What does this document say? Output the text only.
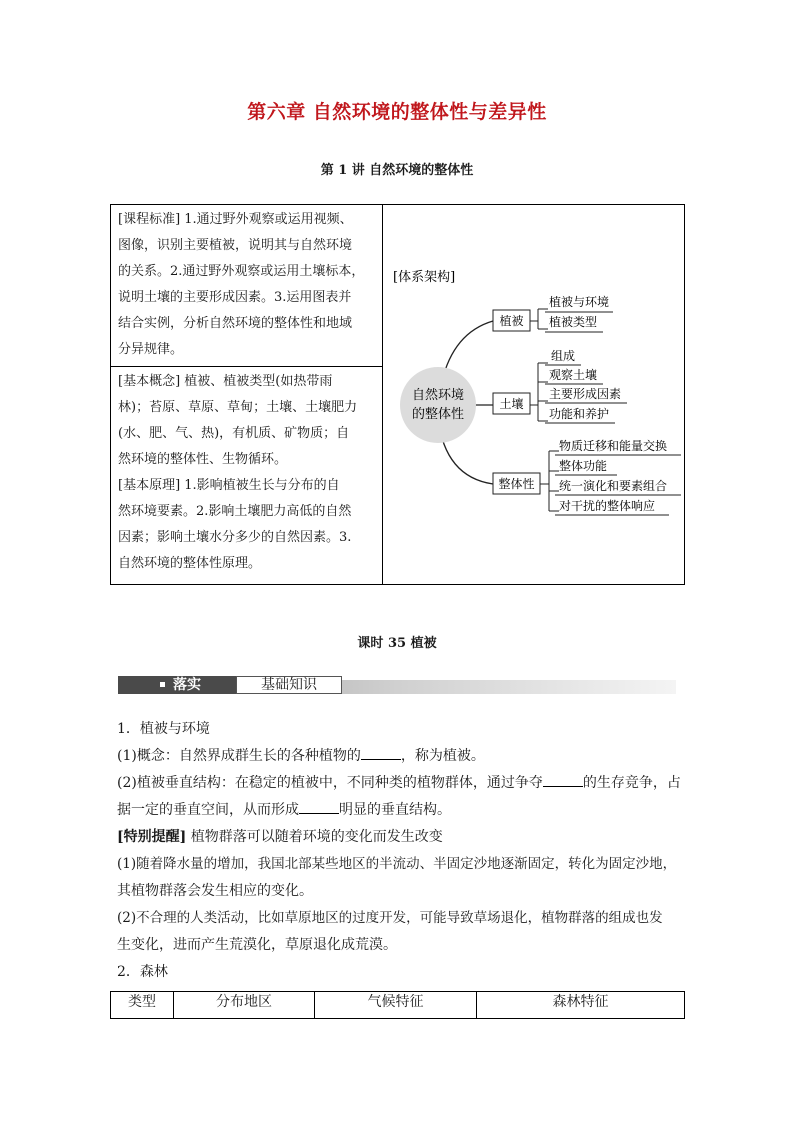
第六章 自然环境的整体性与差异性
第 1 讲 自然环境的整体性
[课程标准] 1.通过野外观察或运用视频、
图像，识别主要植被，说明其与自然环境
的关系。2.通过野外观察或运用土壤标本，
说明土壤的主要形成因素。3.运用图表并
结合实例，分析自然环境的整体性和地域
分异规律。
[基本概念] 植被、植被类型(如热带雨
林)；苔原、草原、草甸；土壤、土壤肥力
(水、肥、气、热)，有机质、矿物质；自
然环境的整体性、生物循环。
[基本原理] 1.影响植被生长与分布的自
然环境要素。2.影响土壤肥力高低的自然
因素；影响土壤水分多少的自然因素。3.
自然环境的整体性原理。
[体系架构]
自然环境
的整体性
植被
土壤
整体性
植被与环境
植被类型
组成
观察土壤
主要形成因素
功能和养护
物质迁移和能量交换
整体功能
统一演化和要素组合
对干扰的整体响应
课时 35 植被
落实	基础知识
1．植被与环境
(1)概念：自然界成群生长的各种植物的	，称为植被。
(2)植被垂直结构：在稳定的植被中，不同种类的植物群体，通过争夺	的生存竞争，占
据一定的垂直空间，从而形成	明显的垂直结构。
[特别提醒] 植物群落可以随着环境的变化而发生改变
(1)随着降水量的增加，我国北部某些地区的半流动、半固定沙地逐渐固定，转化为固定沙地，
其植物群落会发生相应的变化。
(2)不合理的人类活动，比如草原地区的过度开发，可能导致草场退化，植物群落的组成也发
生变化，进而产生荒漠化，草原退化成荒漠。
2．森林
类型	分布地区	气候特征	森林特征
